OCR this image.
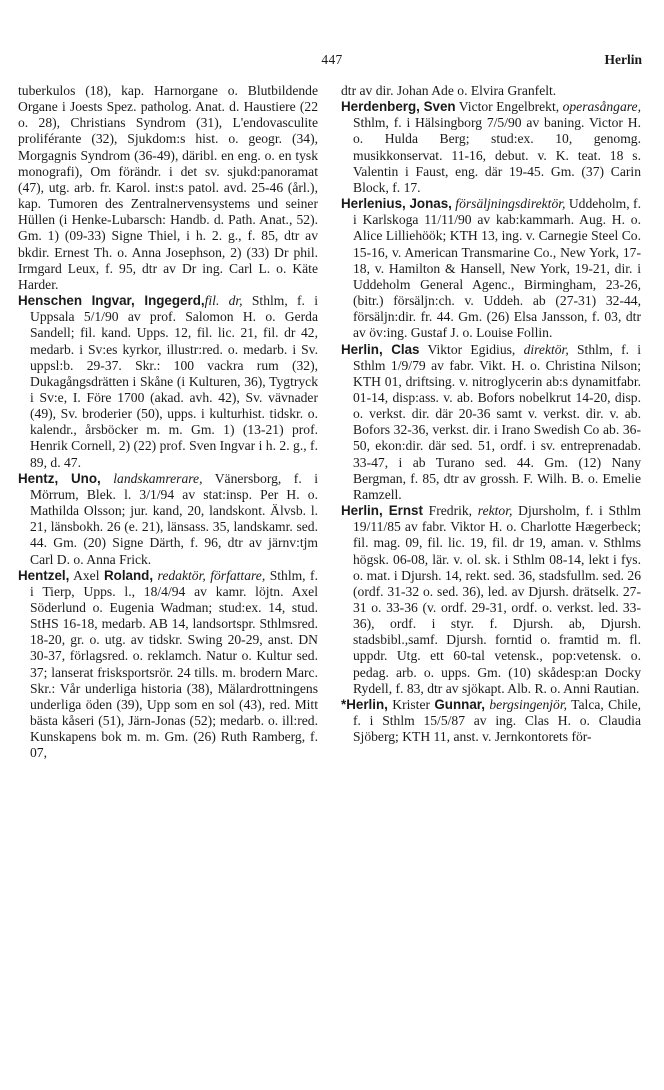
447	Herlin

tuberkulos (18), kap. Harnorgane o. Blutbildende Organe i Joests Spez. patholog. Anat. d. Haustiere (22 o. 28), Christians Syndrom (31), L'endovasculite proliférante (32), Sjukdom:s hist. o. geogr. (34), Morgagnis Syndrom (36-49), däribl. en eng. o. en tysk monografi), Om förändr. i det sv. sjukd:panoramat (47), utg. arb. fr. Karol. inst:s patol. avd. 25-46 (årl.), kap. Tumoren des Zentralnervensystems und seiner Hüllen (i Henke-Lubarsch: Handb. d. Path. Anat., 52). Gm. 1) (09-33) Signe Thiel, i h. 2. g., f. 85, dtr av bkdir. Ernest Th. o. Anna Josephson, 2) (33) Dr phil. Irmgard Leux, f. 95, dtr av Dr ing. Carl L. o. Käte Harder.

Henschen Ingvar, Ingegerd,fil. dr, Sthlm, f. i Uppsala 5/1/90 av prof. Salomon H. o. Gerda Sandell; fil. kand. Upps. 12, fil. lic. 21, fil. dr 42, medarb. i Sv:es kyrkor, illustr:red. o. medarb. i Sv. uppsl:b. 29-37. Skr.: 100 vackra rum (32), Dukagångsdrätten i Skåne (i Kulturen, 36), Tygtryck i Sv:e, I. Före 1700 (akad. avh. 42), Sv. vävnader (49), Sv. broderier (50), upps. i kulturhist. tidskr. o. kalendr., årsböcker m. m. Gm. 1) (13-21) prof. Henrik Cornell, 2) (22) prof. Sven Ingvar i h. 2. g., f. 89, d. 47.

Hentz, Uno, landskamrerare, Vänersborg, f. i Mörrum, Blek. l. 3/1/94 av stat:insp. Per H. o. Mathilda Olsson; jur. kand, 20, landskont. Älvsb. l. 21, länsbokh. 26 (e. 21), länsass. 35, landskamr. sed. 44. Gm. (20) Signe Därth, f. 96, dtr av järnv:tjm Carl D. o. Anna Frick.

Hentzel, Axel Roland, redaktör, författare, Sthlm, f. i Tierp, Upps. l., 18/4/94 av kamr. löjtn. Axel Söderlund o. Eugenia Wadman; stud:ex. 14, stud. StHS 16-18, medarb. AB 14, landsortspr. Sthlmsred. 18-20, gr. o. utg. av tidskr. Swing 20-29, anst. DN 30-37, förlagsred. o. reklamch. Natur o. Kultur sed. 37; lanserat frisksportsrör. 24 tills. m. brodern Marc. Skr.: Vår underliga historia (38), Mälardrottningens underliga öden (39), Upp som en sol (43), red. Mitt bästa kåseri (51), Järn-Jonas (52); medarb. o. ill:red. Kunskapens bok m. m. Gm. (26) Ruth Ramberg, f. 07,

dtr av dir. Johan Ade o. Elvira Granfelt.

Herdenberg, Sven Victor Engelbrekt, operasångare, Sthlm, f. i Hälsingborg 7/5/90 av baning. Victor H. o. Hulda Berg; stud:ex. 10, genomg. musikkonservat. 11-16, debut. v. K. teat. 18 s. Valentin i Faust, eng. där 19-45. Gm. (37) Carin Block, f. 17.

Herlenius, Jonas, försäljningsdirektör, Uddeholm, f. i Karlskoga 11/11/90 av kab:kammarh. Aug. H. o. Alice Lilliehöök; KTH 13, ing. v. Carnegie Steel Co. 15-16, v. American Transmarine Co., New York, 17-18, v. Hamilton & Hansell, New York, 19-21, dir. i Uddeholm General Agenc., Birmingham, 23-26, (bitr.) försäljn:ch. v. Uddeh. ab (27-31) 32-44, försäljn:dir. fr. 44. Gm. (26) Elsa Jansson, f. 03, dtr av öv:ing. Gustaf J. o. Louise Follin.

Herlin, Clas Viktor Egidius, direktör, Sthlm, f. i Sthlm 1/9/79 av fabr. Vikt. H. o. Christina Nilson; KTH 01, driftsing. v. nitroglycerin ab:s dynamitfabr. 01-14, disp:ass. v. ab. Bofors nobelkrut 14-20, disp. o. verkst. dir. där 20-36 samt v. verkst. dir. v. ab. Bofors 32-36, verkst. dir. i Irano Swedish Co ab. 36-50, ekon:dir. där sed. 51, ordf. i sv. entreprenadab. 33-47, i ab Turano sed. 44. Gm. (12) Nany Bergman, f. 85, dtr av grossh. F. Wilh. B. o. Emelie Ramzell.

Herlin, Ernst Fredrik, rektor, Djursholm, f. i Sthlm 19/11/85 av fabr. Viktor H. o. Charlotte Hægerbeck; fil. mag. 09, fil. lic. 19, fil. dr 19, aman. v. Sthlms högsk. 06-08, lär. v. ol. sk. i Sthlm 08-14, lekt i fys. o. mat. i Djursh. 14, rekt. sed. 36, stadsfullm. sed. 26 (ordf. 31-32 o. sed. 36), led. av Djursh. drätselk. 27-31 o. 33-36 (v. ordf. 29-31, ordf. o. verkst. led. 33-36), ordf. i styr. f. Djursh. ab, Djursh. stadsbibl.,samf. Djursh. forntid o. framtid m. fl. uppdr. Utg. ett 60-tal vetensk., pop:vetensk. o. pedag. arb. o. upps. Gm. (10) skådesp:an Docky Rydell, f. 83, dtr av sjökapt. Alb. R. o. Anni Rautian.

*Herlin, Krister Gunnar, bergsingenjör, Talca, Chile, f. i Sthlm 15/5/87 av ing. Clas H. o. Claudia Sjöberg; KTH 11, anst. v. Jernkontorets för-
